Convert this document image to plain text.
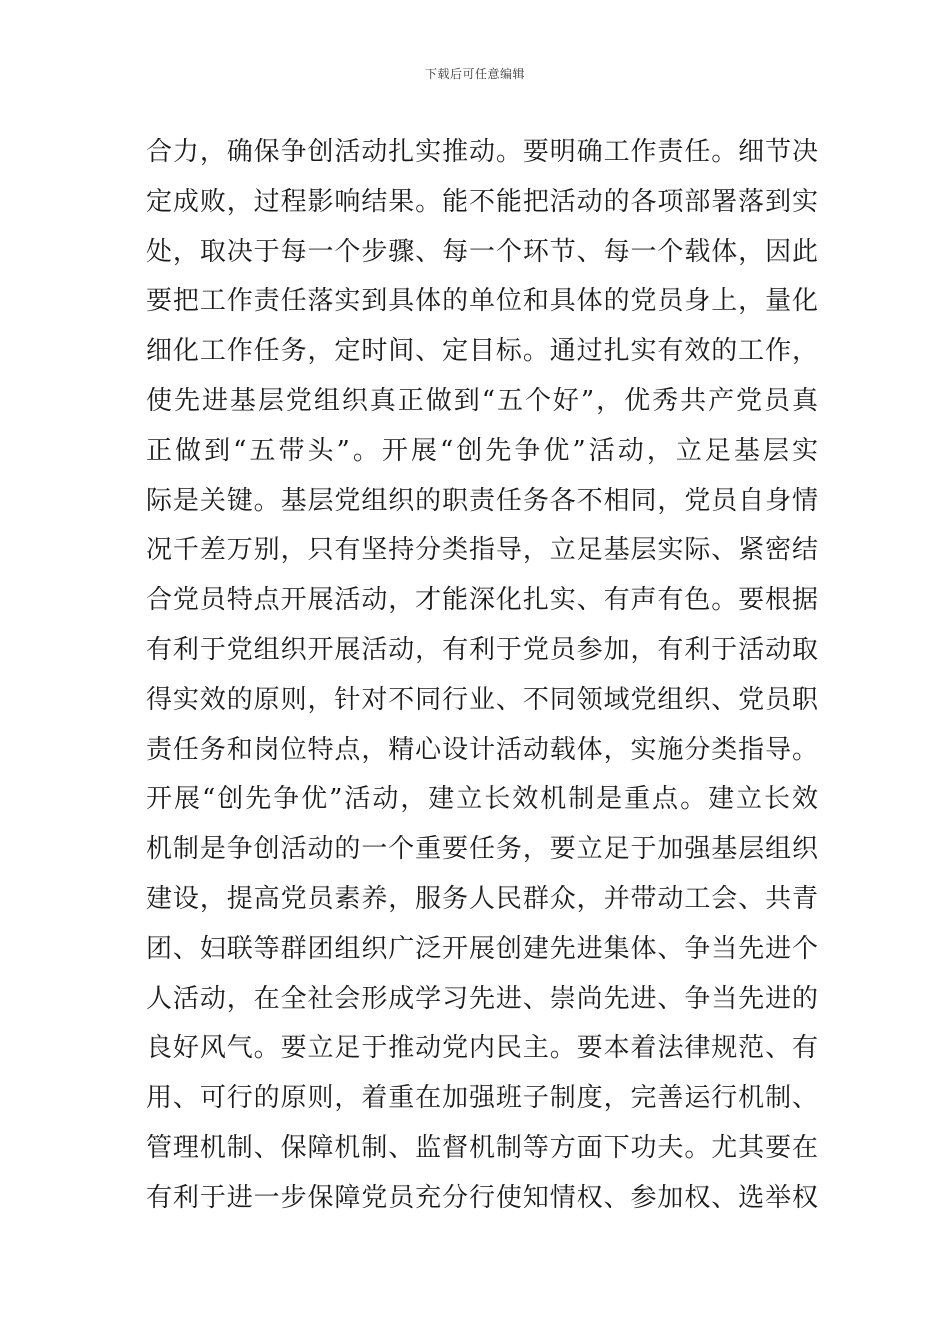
下载后可任意编辑
合力，确保争创活动扎实推动。要明确工作责任。细节决
定成败，过程影响结果。能不能把活动的各项部署落到实
处，取决于每一个步骤、每一个环节、每一个载体，因此
要把工作责任落实到具体的单位和具体的党员身上，量化
细化工作任务，定时间、定目标。通过扎实有效的工作，
使先进基层党组织真正做到“五个好”，优秀共产党员真
正做到“五带头”。开展“创先争优”活动，立足基层实
际是关键。基层党组织的职责任务各不相同，党员自身情
况千差万别，只有坚持分类指导，立足基层实际、紧密结
合党员特点开展活动，才能深化扎实、有声有色。要根据
有利于党组织开展活动，有利于党员参加，有利于活动取
得实效的原则，针对不同行业、不同领域党组织、党员职
责任务和岗位特点，精心设计活动载体，实施分类指导。
开展“创先争优”活动，建立长效机制是重点。建立长效
机制是争创活动的一个重要任务，要立足于加强基层组织
建设，提高党员素养，服务人民群众，并带动工会、共青
团、妇联等群团组织广泛开展创建先进集体、争当先进个
人活动，在全社会形成学习先进、崇尚先进、争当先进的
良好风气。要立足于推动党内民主。要本着法律规范、有
用、可行的原则，着重在加强班子制度，完善运行机制、
管理机制、保障机制、监督机制等方面下功夫。尤其要在
有利于进一步保障党员充分行使知情权、参加权、选举权
